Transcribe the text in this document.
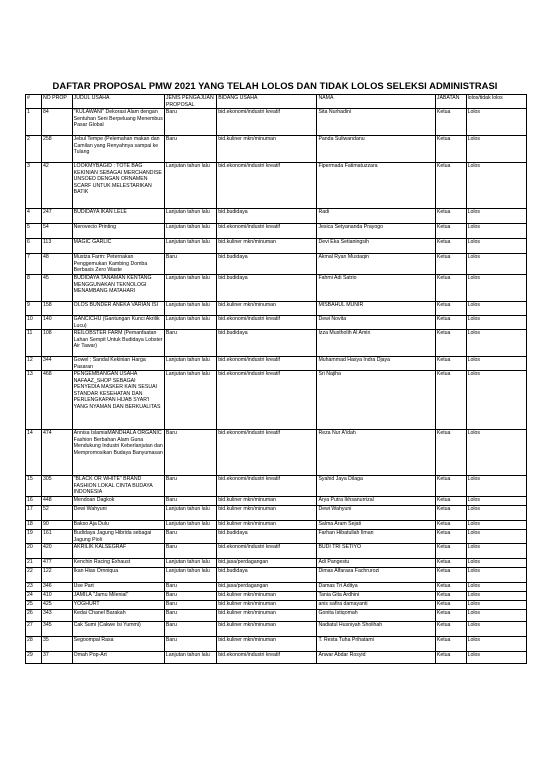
DAFTAR PROPOSAL PMW 2021 YANG TELAH LOLOS DAN TIDAK LOLOS SELEKSI ADMINISTRASI
#	NO PROP	JUDUL USAHA	JENIS PENGAJUAN PROPOSAL	BIDANG USAHA	NAMA	JABATAN	lolos/tidak lolos
1	84	"KULAWANI" Dekorasi Alam dengan Sentuhan Seni Berpeluang Menembus Pasar Global	Baru	bid.ekonomi/industri kreatif	Sita Nurhadini	Ketua	Lolos
2	258	Jebul Tempe (Pelemahan makan dan Camilan yang Renyahnya sampai ke Tulang	Baru	bid.kuliner mkn/minuman	Panda Suliwandanu	Ketua	Lolos
3	42	LOOKMYBAGID : TOTE BAG KEKINIAN SEBAGAI MERCHANDISE UNSOED DENGAN ORNAMEN SCARF UNTUK MELESTARIKAN BATIK	Lanjutan tahun lalu	bid.ekonomi/industri kreatif	Fipermada Fatimatuzzara	Ketua	Lolos
4	247	BUDIDAYA IKAN LELE	Lanjutan tahun lalu	bid.budidaya	Radi	Ketua	Lolos
5	54	Nerovecio Printing	Lanjutan tahun lalu	bid.ekonomi/industri kreatif	Jesica Setyananda Prayogo	Ketua	Lolos
6	113	MAGIC GARLIC	Lanjutan tahun lalu	bid.kuliner mkn/minuman	Devi Eka Setianingsih	Ketua	Lolos
7	48	Mustza Farm: Peternakan Penggemukan Kambing Domba Berbasis Zero Waste	Baru	bid.budidaya	Akmal Ryan Mustaqin	Ketua	Lolos
8	45	BUDIDAYA TANAMAN KENTANG MENGGUNAKAN TEKNOLOGI MENAMBANG MATAHARI	Lanjutan tahun lalu	bid.budidaya	Fahmi Adi Satrio	Ketua	Lolos
9	158	OLOS BUNDER ANEKA VARIAN ISI	Lanjutan tahun lalu	bid.kuliner mkn/minuman	MISBAHUL MUNIR	Ketua	Lolos
10	140	GANCICHU (Gantungan Kunci Akrilik Lucu)	Lanjutan tahun lalu	bid.ekonomi/industri kreatif	Dewi Novita	Ketua	Lolos
11	108	REILOBSTER FARM (Pemanfaatan Lahan Sempit Untuk Budidaya Lobster Air Tawar)	Baru	bid.budidaya	Izza Mustholih Al Amin	Ketua	Lolos
12	344	Gowel ; Sandal Kekinian Harga Pasaran	Lanjutan tahun lalu	bid.ekonomi/industri kreatif	Muhammad Hasya Indra Djaya	Ketua	Lolos
13	468	PENGEMBANGAN USAHA NAFAAZ_SHOP SEBAGAI PENYEDIA MASKER KAIN SESUAI STANDAR KESEHATAN DAN PERLENGKAPAN HIJAB SYAR'I YANG NYAMAN DAN BERKUALITAS	Lanjutan tahun lalu	bid.ekonomi/industri kreatif	Sri Najiha	Ketua	Lolos
14	474	Annisa IslamiaMANDHALA ORGANIC Fashion Berbahan Alam Guna Mendukung Industri Keberlanjutan dan Mempromosikan Budaya Banyumasan	Baru	bid.ekonomi/industri kreatif	Reza Nur A'idah	Ketua	Lolos
15	305	"BLACK OR WHITE" BRAND FASHION LOKAL CINTA BUDAYA INDONESIA	Baru	bid.ekonomi/industri kreatif	Syahid Jaya Dilaga	Ketua	Lolos
16	448	Mendoan Dagkok	Baru	bid.kuliner mkn/minuman	Arya Putra Ikhsanurrizal	Ketua	Lolos
17	52	Dewi Wahyuni	Lanjutan tahun lalu	bid.kuliner mkn/minuman	Dewi Wahyuni	Ketua	Lolos
18	90	Bakso Aja Dulu	Lanjutan tahun lalu	bid.kuliner mkn/minuman	Salma Aram Sejati	Ketua	Lolos
19	161	Budidaya Jagung Hibrida sebagai Jagung Pioli	Baru	bid.budidaya	Farhan Hibatullah Ilman	Ketua	Lolos
20	420	AKRILIK KALSEGRAF	Baru	bid.ekonomi/industri kreatif	BUDI TRI SETIYO	Ketua	Lolos
21	477	Kenchin Racing Exhaust	Lanjutan tahun lalu	bid.jasa/perdagangan	Adi Pangestu	Ketua	Lolos
22	122	Ikan Hias Ornniqua	Lanjutan tahun lalu	bid.budidaya	Dimas Alfarasa Fachrurozi	Ketua	Lolos
23	346	Use Part	Baru	bid.jasa/perdagangan	Damas Tri Aditya	Ketua	Lolos
24	410	JAMILA "Jamu Milenial"	Baru	bid.kuliner mkn/minuman	Tania Gita Ardhini	Ketua	Lolos
25	425	YOGHURT	Baru	bid.kuliner mkn/minuman	anis safira damayanti	Ketua	Lolos
26	343	Kedai Chanel Barakah	Baru	bid.kuliner mkn/minuman	Gonita Istiqomah	Ketua	Lolos
27	345	Cak Sumi (Cakwe Isi Yummi)	Baru	bid.kuliner mkn/minuman	Nadiatul Husniyah Sholihah	Ketua	Lolos
28	35	Segoompal Rasa	Baru	bid.kuliner mkn/minuman	T. Resta Tuha Prihatami	Ketua	Lolos
29	37	Omah Pop-Art	Lanjutan tahun lalu	bid.ekonomi/industri kreatif	Anwar Abdar Rosyid	Ketua	Lolos
